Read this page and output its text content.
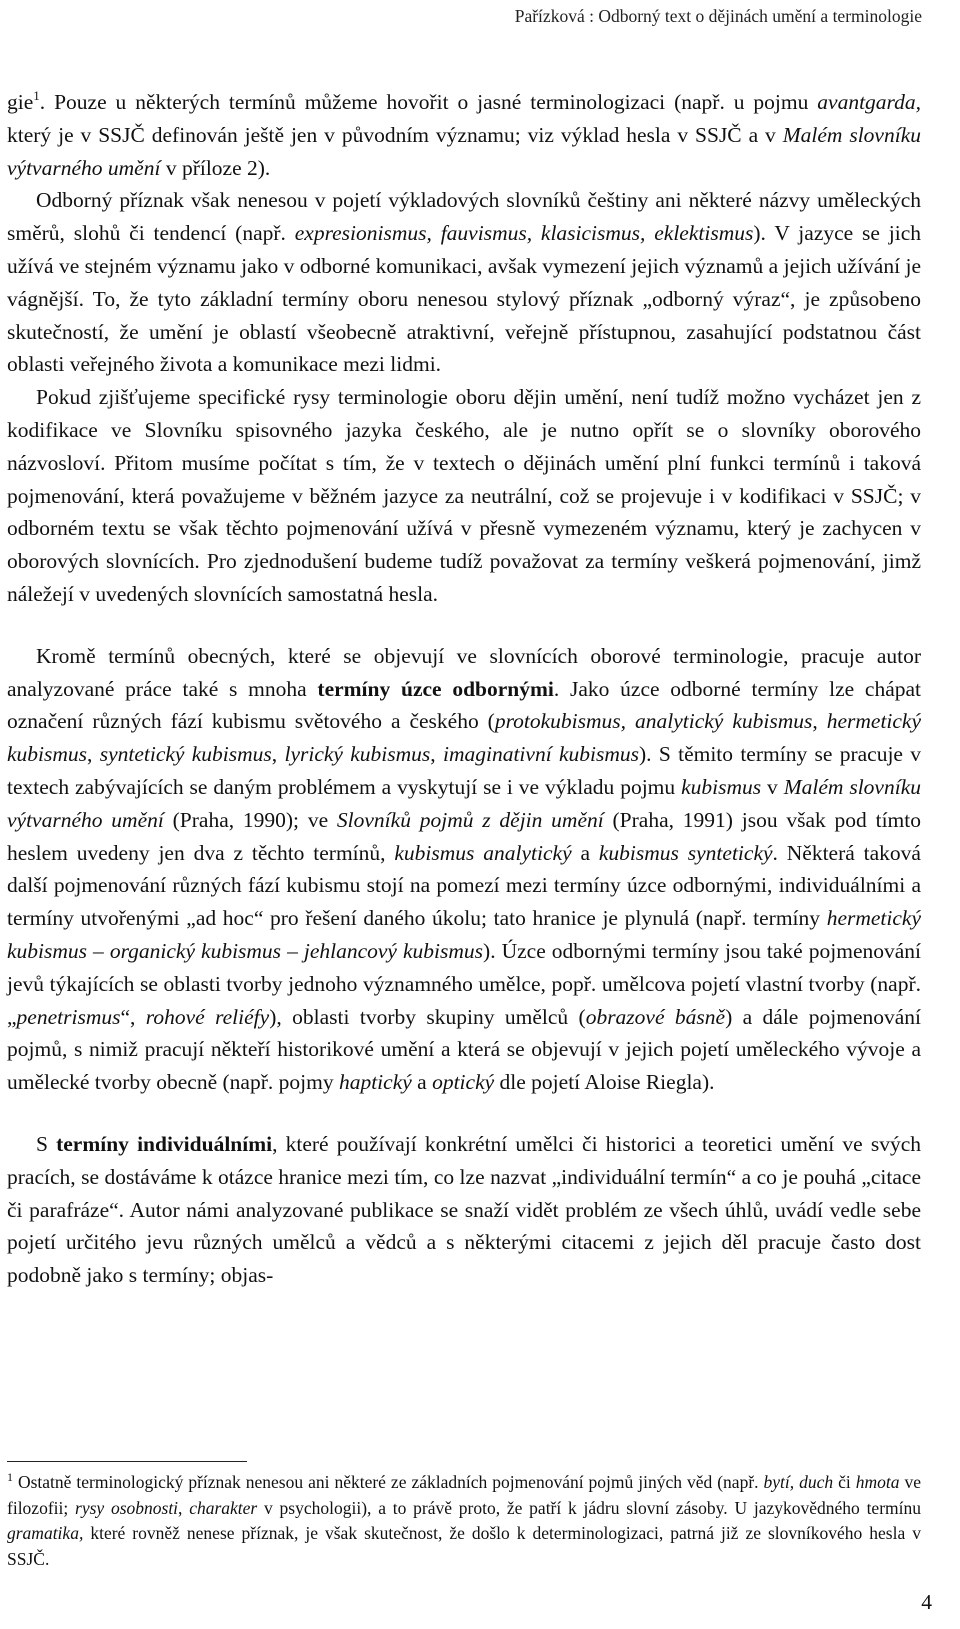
Pařízková : Odborný text o dějinách umění a terminologie

gie$^1$. Pouze u některých termínů můžeme hovořit o jasné terminologizaci (např. u pojmu avantgarda, který je v SSJČ definován ještě jen v původním významu; viz výklad hesla v SSJČ a v Malém slovníku výtvarného umění v příloze 2).

Odborný příznak však nenesou v pojetí výkladových slovníků češtiny ani některé názvy uměleckých směrů, slohů či tendencí (např. expresionismus, fauvismus, klasicismus, eklektismus). V jazyce se jich užívá ve stejném významu jako v odborné komunikaci, avšak vymezení jejich významů a jejich užívání je vágnější. To, že tyto základní termíny oboru nenesou stylový příznak „odborný výraz“, je způsobeno skutečností, že umění je oblastí všeobecně atraktivní, veřejně přístupnou, zasahující podstatnou část oblasti veřejného života a komunikace mezi lidmi.

Pokud zjišťujeme specifické rysy terminologie oboru dějin umění, není tudíž možno vycházet jen z kodifikace ve Slovníku spisovného jazyka českého, ale je nutno opřít se o slovníky oborového názvosloví. Přitom musíme počítat s tím, že v textech o dějinách umění plní funkci termínů i taková pojmenování, která považujeme v běžném jazyce za neutrální, což se projevuje i v kodifikaci v SSJČ; v odborném textu se však těchto pojmenování užívá v přesně vymezeném významu, který je zachycen v oborových slovnících. Pro zjednodušení budeme tudíž považovat za termíny veškerá pojmenování, jimž náležejí v uvedených slovnících samostatná hesla.

Kromě termínů obecných, které se objevují ve slovnících oborové terminologie, pracuje autor analyzované práce také s mnoha termíny úzce odbornými. Jako úzce odborné termíny lze chápat označení různých fází kubismu světového a českého (protokubismus, analytický kubismus, hermetický kubismus, syntetický kubismus, lyrický kubismus, imaginativní kubismus). S těmito termíny se pracuje v textech zabývajících se daným problémem a vyskytují se i ve výkladu pojmu kubismus v Malém slovníku výtvarného umění (Praha, 1990); ve Slovníků pojmů z dějin umění (Praha, 1991) jsou však pod tímto heslem uvedeny jen dva z těchto termínů, kubismus analytický a kubismus syntetický. Některá taková další pojmenování různých fází kubismu stojí na pomezí mezi termíny úzce odbornými, individuálními a termíny utvořenými „ad hoc“ pro řešení daného úkolu; tato hranice je plynulá (např. termíny hermetický kubismus – organický kubismus – jehlancový kubismus). Úzce odbornými termíny jsou také pojmenování jevů týkajících se oblasti tvorby jednoho významného umělce, popř. umělcova pojetí vlastní tvorby (např. „penetrismus“, rohové reliéfy), oblasti tvorby skupiny umělců (obrazové básně) a dále pojmenování pojmů, s nimiž pracují někteří historikové umění a která se objevují v jejich pojetí uměleckého vývoje a umělecké tvorby obecně (např. pojmy haptický a optický dle pojetí Aloise Riegla).

S termíny individuálními, které používají konkrétní umělci či historici a teoretici umění ve svých pracích, se dostáváme k otázce hranice mezi tím, co lze nazvat „individuální termín“ a co je pouhá „citace či parafráze“. Autor námi analyzované publikace se snaží vidět problém ze všech úhlů, uvádí vedle sebe pojetí určitého jevu různých umělců a vědců a s některými citacemi z jejich děl pracuje často dost podobně jako s termíny; objas-

$^1$ Ostatně terminologický příznak nenesou ani některé ze základních pojmenování pojmů jiných věd (např. bytí, duch či hmota ve filozofii; rysy osobnosti, charakter v psychologii), a to právě proto, že patří k jádru slovní zásoby. U jazykovědného termínu gramatika, které rovněž nenese příznak, je však skutečnost, že došlo k determinologizaci, patrná již ze slovníkového hesla v SSJČ.

4
